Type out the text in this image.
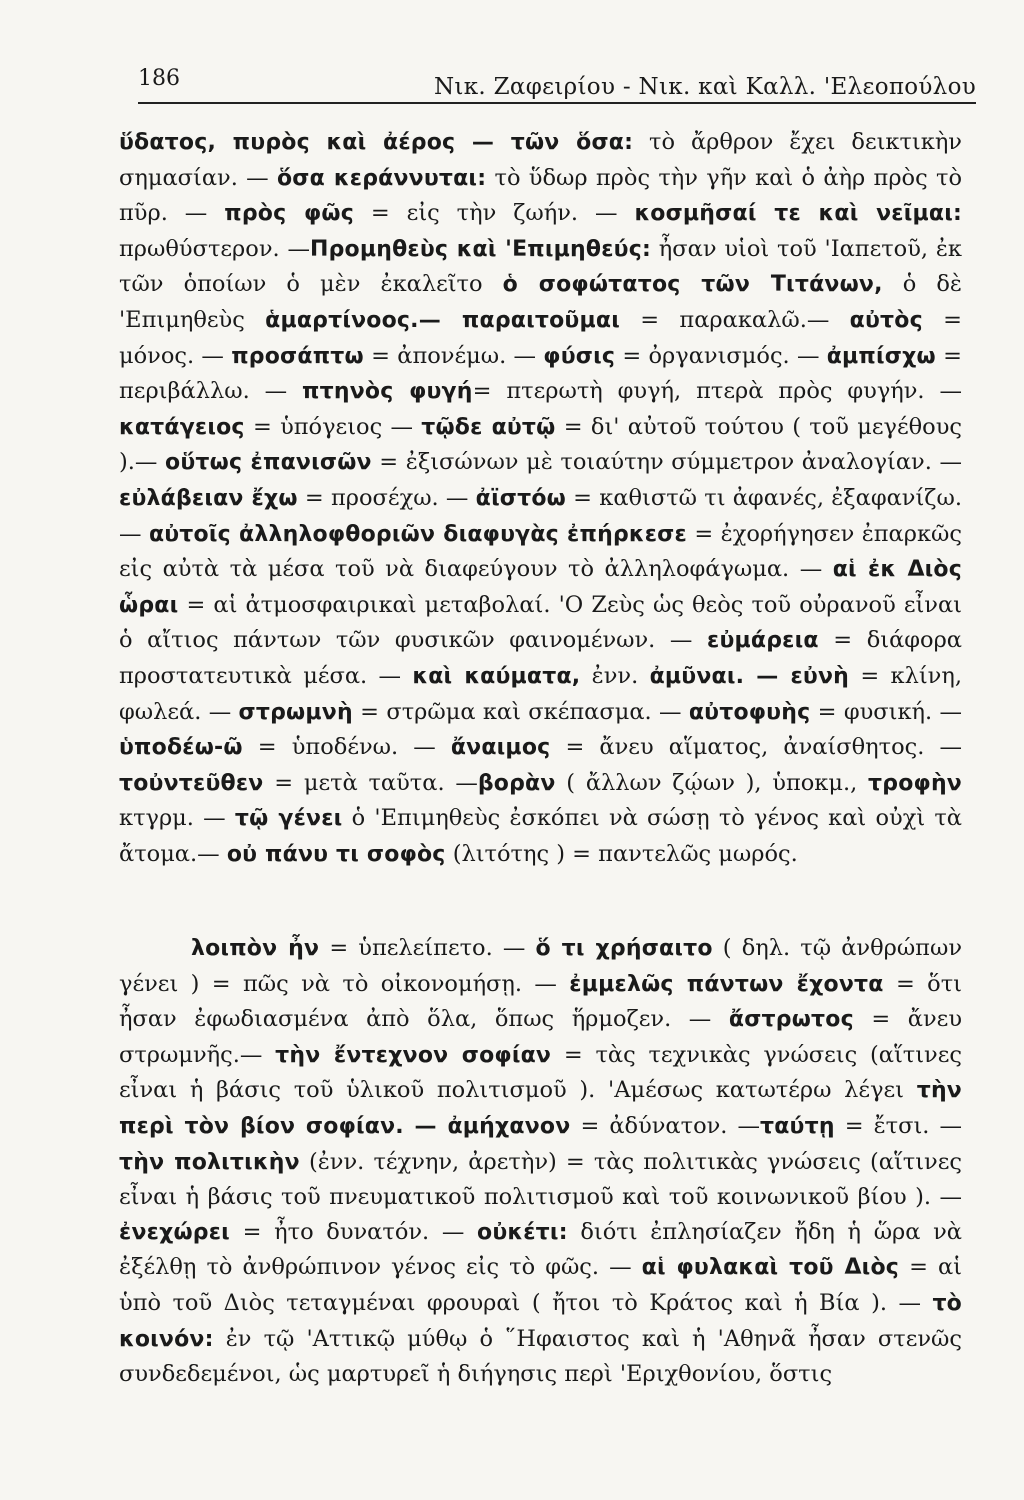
186	Νικ. Ζαφειρίου - Νικ. καὶ Καλλ. 'Ελεοπούλου
ὕδατος, πυρὸς καὶ ἀέρος — τῶν ὅσα: τὸ ἄρθρον ἔχει δεικτικὴν σημασίαν. — ὅσα κεράννυται: τὸ ὕδωρ πρὸς τὴν γῆν καὶ ὁ ἀὴρ πρὸς τὸ πῦρ. — πρὸς φῶς = εἰς τὴν ζωήν. — κοσμῆσαί τε καὶ νεῖμαι: πρωθύστερον. —Προμηθεὺς καὶ 'Επιμηθεύς: ἦσαν υἱοὶ τοῦ 'Ιαπετοῦ, ἐκ τῶν ὁποίων ὁ μὲν ἐκαλεῖτο ὁ σοφώτατος τῶν Τιτάνων, ὁ δὲ 'Επιμηθεὺς ἁμαρτίνοος.— παραιτοῦμαι = παρακαλῶ.— αὐτὸς = μόνος. — προσάπτω = ἀπονέμω. — φύσις = ὀργανισμός. — ἀμπίσχω = περιβάλλω. — πτηνὸς φυγή= πτερωτὴ φυγή, πτερὰ πρὸς φυγήν. — κατάγειος = ὑπόγειος — τῷδε αὐτῷ = δι' αὐτοῦ τούτου ( τοῦ μεγέθους ).— οὕτως ἐπανισῶν = ἐξισώνων μὲ τοιαύτην σύμμετρον ἀναλογίαν. — εὐλάβειαν ἔχω = προσέχω. — ἀϊστόω = καθιστῶ τι ἀφανές, ἐξαφανίζω. — αὐτοῖς ἀλληλοφθοριῶν διαφυγὰς ἐπήρκεσε = ἐχορήγησεν ἐπαρκῶς εἰς αὐτὰ τὰ μέσα τοῦ νὰ διαφεύγουν τὸ ἀλληλοφάγωμα. — αἱ ἐκ Διὸς ὧραι = αἱ ἀτμοσφαιρικαὶ μεταβολαί. 'Ο Ζεὺς ὡς θεὸς τοῦ οὐρανοῦ εἶναι ὁ αἴτιος πάντων τῶν φυσικῶν φαινομένων. — εὐμάρεια = διάφορα προστατευτικὰ μέσα. — καὶ καύματα, ἐνν. ἀμῦναι. — εὐνὴ = κλίνη, φωλεά. — στρωμνὴ = στρῶμα καὶ σκέπασμα. — αὐτοφυὴς = φυσική. — ὑποδέω-ῶ = ὑποδένω. — ἄναιμος = ἄνευ αἵματος, ἀναίσθητος. —τοὐντεῦθεν = μετὰ ταῦτα. —βορὰν ( ἄλλων ζῴων ), ὑποκμ., τροφὴν κτγρμ. — τῷ γένει ὁ 'Επιμηθεὺς ἐσκόπει νὰ σώσῃ τὸ γένος καὶ οὐχὶ τὰ ἄτομα.— οὐ πάνυ τι σοφὸς (λιτότης ) = παντελῶς μωρός.
λοιπὸν ἦν = ὑπελείπετο. — ὅ τι χρήσαιτο ( δηλ. τῷ ἀνθρώπων γένει ) = πῶς νὰ τὸ οἰκονομήσῃ. — ἐμμελῶς πάντων ἔχοντα = ὅτι ἦσαν ἐφωδιασμένα ἀπὸ ὅλα, ὅπως ἥρμοζεν. — ἄστρωτος = ἄνευ στρωμνῆς.— τὴν ἔντεχνον σοφίαν = τὰς τεχνικὰς γνώσεις (αἵτινες εἶναι ἡ βάσις τοῦ ὑλικοῦ πολιτισμοῦ ). 'Αμέσως κατωτέρω λέγει τὴν περὶ τὸν βίον σοφίαν. — ἀμήχανον = ἀδύνατον. —ταύτῃ = ἔτσι. — τὴν πολιτικὴν (ἐνν. τέχνην, ἀρετὴν) = τὰς πολιτικὰς γνώσεις (αἵτινες εἶναι ἡ βάσις τοῦ πνευματικοῦ πολιτισμοῦ καὶ τοῦ κοινωνικοῦ βίου ). — ἐνεχώρει = ἦτο δυνατόν. — οὐκέτι: διότι ἐπλησίαζεν ἤδη ἡ ὥρα νὰ ἐξέλθῃ τὸ ἀνθρώπινον γένος εἰς τὸ φῶς. — αἱ φυλακαὶ τοῦ Διὸς = αἱ ὑπὸ τοῦ Διὸς τεταγμέναι φρουραὶ ( ἤτοι τὸ Κράτος καὶ ἡ Βία ). — τὸ κοινόν: ἐν τῷ 'Αττικῷ μύθῳ ὁ ῞Ηφαιστος καὶ ἡ 'Αθηνᾶ ἦσαν στενῶς συνδεδεμένοι, ὡς μαρτυρεῖ ἡ διήγησις περὶ 'Εριχθονίου, ὅστις
